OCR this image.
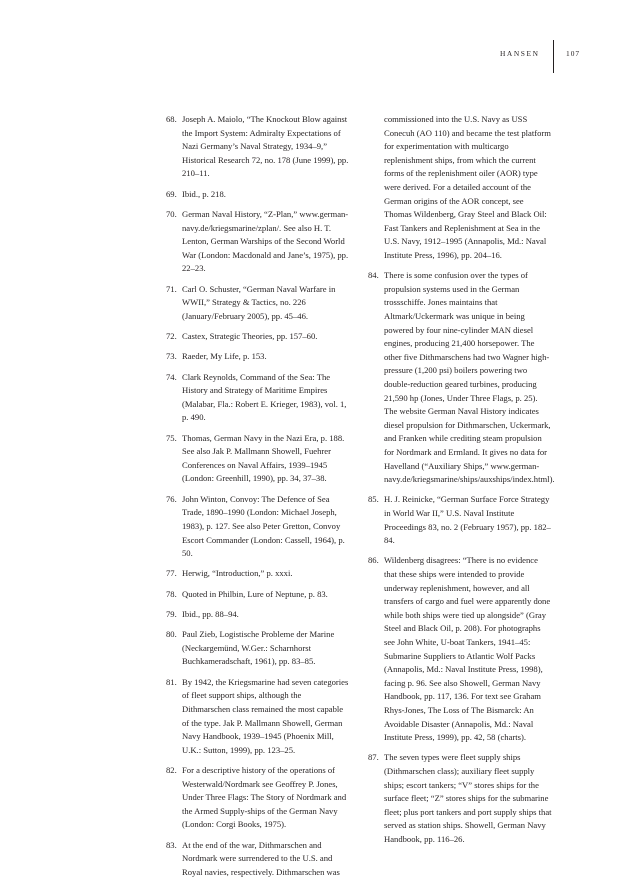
HANSEN	107
68. Joseph A. Maiolo, “The Knockout Blow against the Import System: Admiralty Expectations of Nazi Germany’s Naval Strategy, 1934–9,” Historical Research 72, no. 178 (June 1999), pp. 210–11.
69. Ibid., p. 218.
70. German Naval History, “Z-Plan,” www.german-navy.de/kriegsmarine/zplan/. See also H. T. Lenton, German Warships of the Second World War (London: Macdonald and Jane’s, 1975), pp. 22–23.
71. Carl O. Schuster, “German Naval Warfare in WWII,” Strategy & Tactics, no. 226 (January/February 2005), pp. 45–46.
72. Castex, Strategic Theories, pp. 157–60.
73. Raeder, My Life, p. 153.
74. Clark Reynolds, Command of the Sea: The History and Strategy of Maritime Empires (Malabar, Fla.: Robert E. Krieger, 1983), vol. 1, p. 490.
75. Thomas, German Navy in the Nazi Era, p. 188. See also Jak P. Mallmann Showell, Fuehrer Conferences on Naval Affairs, 1939–1945 (London: Greenhill, 1990), pp. 34, 37–38.
76. John Winton, Convoy: The Defence of Sea Trade, 1890–1990 (London: Michael Joseph, 1983), p. 127. See also Peter Gretton, Convoy Escort Commander (London: Cassell, 1964), p. 50.
77. Herwig, “Introduction,” p. xxxi.
78. Quoted in Philbin, Lure of Neptune, p. 83.
79. Ibid., pp. 88–94.
80. Paul Zieb, Logistische Probleme der Marine (Neckargemünd, W.Ger.: Scharnhorst Buchkameradschaft, 1961), pp. 83–85.
81. By 1942, the Kriegsmarine had seven categories of fleet support ships, although the Dithmarschen class remained the most capable of the type. Jak P. Mallmann Showell, German Navy Handbook, 1939–1945 (Phoenix Mill, U.K.: Sutton, 1999), pp. 123–25.
82. For a descriptive history of the operations of Westerwald/Nordmark see Geoffrey P. Jones, Under Three Flags: The Story of Nordmark and the Armed Supply-ships of the German Navy (London: Corgi Books, 1975).
83. At the end of the war, Dithmarschen and Nordmark were surrendered to the U.S. and Royal navies, respectively. Dithmarschen was
commissioned into the U.S. Navy as USS Conecuh (AO 110) and became the test platform for experimentation with multicargo replenishment ships, from which the current forms of the replenishment oiler (AOR) type were derived. For a detailed account of the German origins of the AOR concept, see Thomas Wildenberg, Gray Steel and Black Oil: Fast Tankers and Replenishment at Sea in the U.S. Navy, 1912–1995 (Annapolis, Md.: Naval Institute Press, 1996), pp. 204–16.
84. There is some confusion over the types of propulsion systems used in the German trossschiffe. Jones maintains that Altmark/Uckermark was unique in being powered by four nine-cylinder MAN diesel engines, producing 21,400 horsepower. The other five Dithmarschens had two Wagner high-pressure (1,200 psi) boilers powering two double-reduction geared turbines, producing 21,590 hp (Jones, Under Three Flags, p. 25). The website German Naval History indicates diesel propulsion for Dithmarschen, Uckermark, and Franken while crediting steam propulsion for Nordmark and Ermland. It gives no data for Havelland (“Auxiliary Ships,” www.german-navy.de/kriegsmarine/ships/auxships/index.html).
85. H. J. Reinicke, “German Surface Force Strategy in World War II,” U.S. Naval Institute Proceedings 83, no. 2 (February 1957), pp. 182–84.
86. Wildenberg disagrees: “There is no evidence that these ships were intended to provide underway replenishment, however, and all transfers of cargo and fuel were apparently done while both ships were tied up alongside” (Gray Steel and Black Oil, p. 208). For photographs see John White, U-boat Tankers, 1941–45: Submarine Suppliers to Atlantic Wolf Packs (Annapolis, Md.: Naval Institute Press, 1998), facing p. 96. See also Showell, German Navy Handbook, pp. 117, 136. For text see Graham Rhys-Jones, The Loss of The Bismarck: An Avoidable Disaster (Annapolis, Md.: Naval Institute Press, 1999), pp. 42, 58 (charts).
87. The seven types were fleet supply ships (Dithmarschen class); auxiliary fleet supply ships; escort tankers; “V” stores ships for the surface fleet; “Z” stores ships for the submarine fleet; plus port tankers and port supply ships that served as station ships. Showell, German Navy Handbook, pp. 116–26.
